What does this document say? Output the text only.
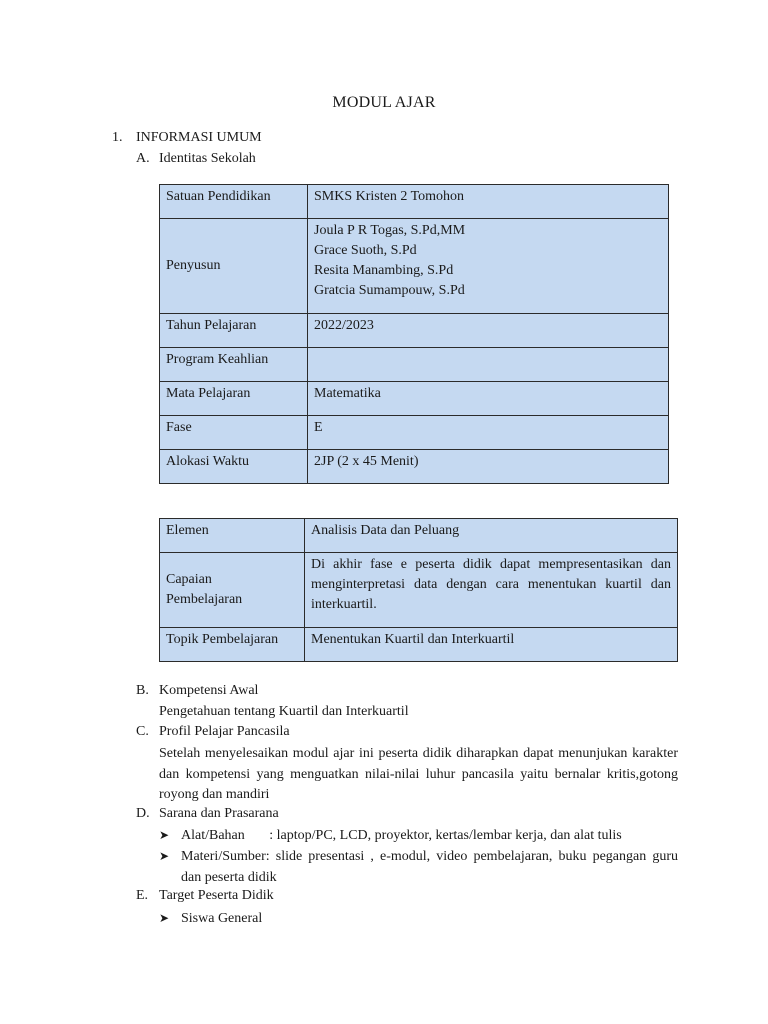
MODUL AJAR
1. INFORMASI UMUM
A. Identitas Sekolah
Satuan Pendidikan	SMKS Kristen 2 Tomohon
Penyusun	Joula P R Togas, S.Pd,MM
Grace Suoth, S.Pd
Resita Manambing, S.Pd
Gratcia Sumampouw, S.Pd

Tahun Pelajaran	2022/2023
Program Keahlian	
Mata Pelajaran	Matematika
Fase	E
Alokasi Waktu	2JP (2 x 45 Menit)
Elemen	Analisis Data dan Peluang

Capaian Pembelajaran	Di akhir fase e peserta didik dapat mempresentasikan dan menginterpretasi data dengan cara menentukan kuartil dan interkuartil.
Topik Pembelajaran	Menentukan Kuartil dan Interkuartil
B. Kompetensi Awal
Pengetahuan tentang Kuartil dan Interkuartil
C. Profil Pelajar Pancasila
Setelah menyelesaikan modul ajar ini peserta didik diharapkan dapat menunjukan karakter dan kompetensi yang menguatkan nilai-nilai luhur pancasila yaitu bernalar kritis,gotong royong dan mandiri
D. Sarana dan Prasarana
➤ Alat/Bahan       : laptop/PC, LCD, proyektor, kertas/lembar kerja, dan alat tulis
➤ Materi/Sumber: slide presentasi , e-modul, video pembelajaran, buku pegangan guru dan peserta didik
E. Target Peserta Didik
➤ Siswa General
